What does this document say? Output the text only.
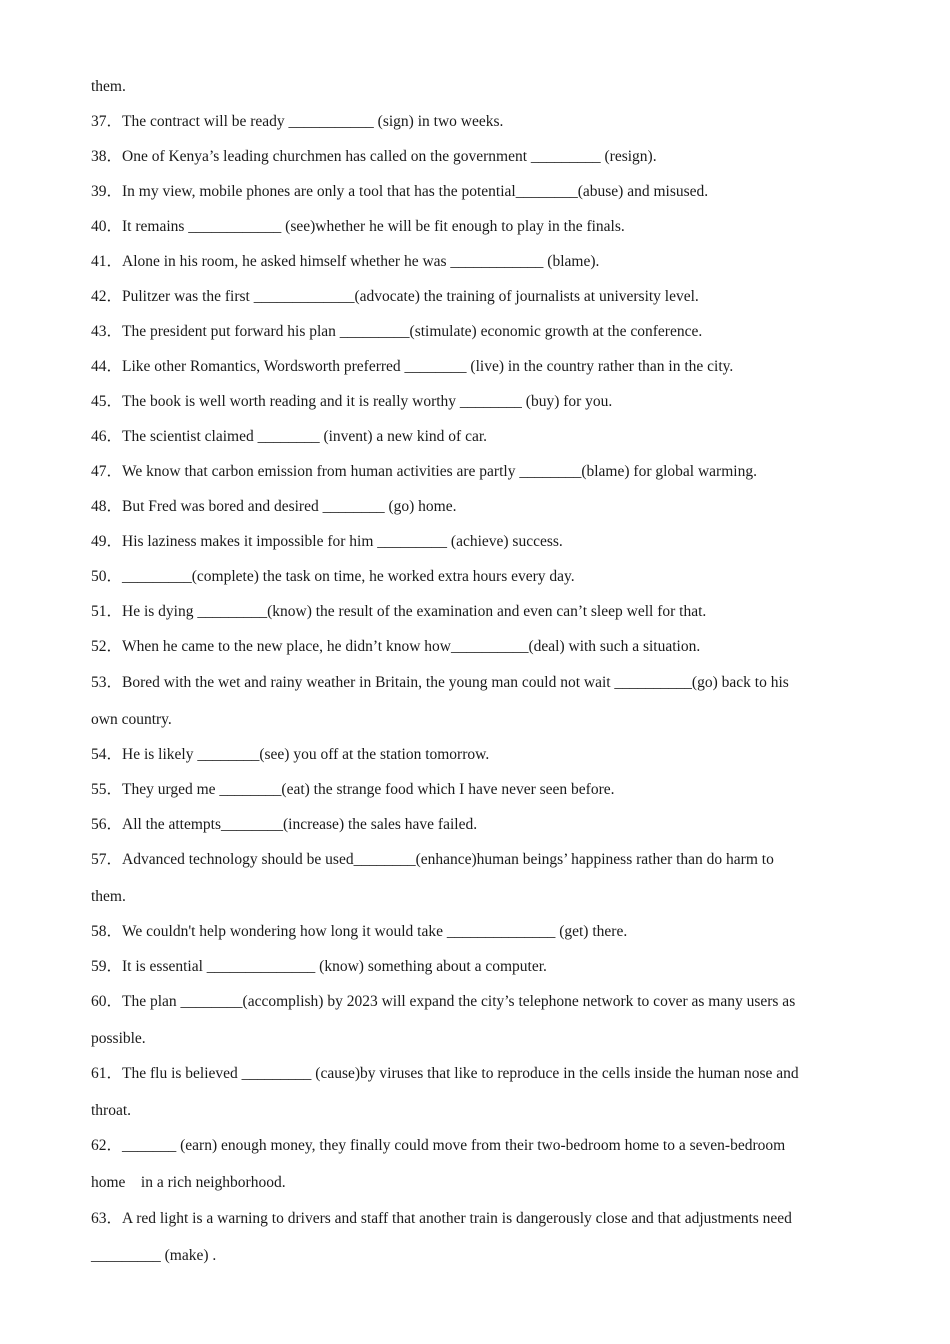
them.
37．The contract will be ready ___________ (sign) in two weeks.
38．One of Kenya’s leading churchmen has called on the government _________ (resign).
39．In my view, mobile phones are only a tool that has the potential________(abuse) and misused.
40．It remains ____________ (see)whether he will be fit enough to play in the finals.
41．Alone in his room, he asked himself whether he was ____________ (blame).
42．Pulitzer was the first _____________(advocate) the training of journalists at university level.
43．The president put forward his plan _________(stimulate) economic growth at the conference.
44．Like other Romantics, Wordsworth preferred ________ (live) in the country rather than in the city.
45．The book is well worth reading and it is really worthy ________ (buy) for you.
46．The scientist claimed ________ (invent) a new kind of car.
47．We know that carbon emission from human activities are partly ________(blame) for global warming.
48．But Fred was bored and desired ________ (go) home.
49．His laziness makes it impossible for him _________ (achieve) success.
50．_________(complete) the task on time, he worked extra hours every day.
51．He is dying _________(know) the result of the examination and even can’t sleep well for that.
52．When he came to the new place, he didn’t know how__________(deal) with such a situation.
53．Bored with the wet and rainy weather in Britain, the young man could not wait __________(go) back to his
own country.
54．He is likely ________(see) you off at the station tomorrow.
55．They urged me ________(eat) the strange food which I have never seen before.
56．All the attempts________(increase) the sales have failed.
57．Advanced technology should be used________(enhance)human beings’ happiness rather than do harm to
them.
58．We couldn't help wondering how long it would take ______________ (get) there.
59．It is essential ______________ (know) something about a computer.
60．The plan ________(accomplish) by 2023 will expand the city’s telephone network to cover as many users as
possible.
61．The flu is believed _________ (cause)by viruses that like to reproduce in the cells inside the human nose and
throat.
62．_______ (earn) enough money, they finally could move from their two-bedroom home to a seven-bedroom
home　in a rich neighborhood.
63．A red light is a warning to drivers and staff that another train is dangerously close and that adjustments need
_________ (make) .
